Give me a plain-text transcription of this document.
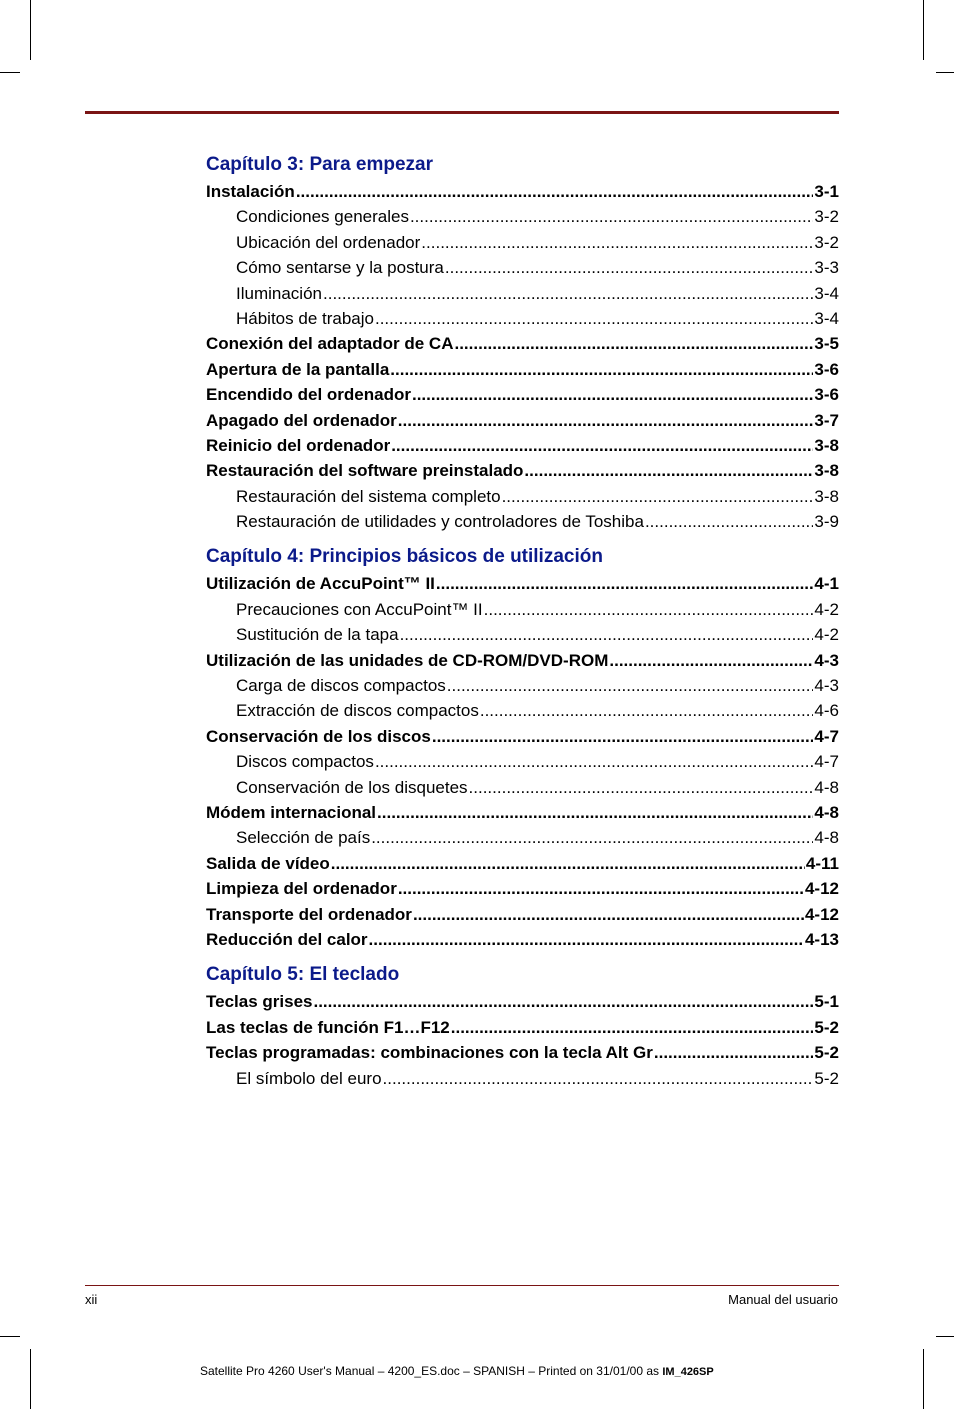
Capítulo 3: Para empezar
Instalación .....	3-1
Condiciones generales .....	3-2
Ubicación del ordenador .....	3-2
Cómo sentarse y la postura .....	3-3
Iluminación .....	3-4
Hábitos de trabajo .....	3-4
Conexión del adaptador de CA .....	3-5
Apertura de la pantalla .....	3-6
Encendido del ordenador .....	3-6
Apagado del ordenador .....	3-7
Reinicio del ordenador .....	3-8
Restauración del software preinstalado .....	3-8
Restauración del sistema completo .....	3-8
Restauración de utilidades y controladores de Toshiba .....	3-9
Capítulo 4: Principios básicos de utilización
Utilización de AccuPoint™ II .....	4-1
Precauciones con AccuPoint™ II .....	4-2
Sustitución de la tapa .....	4-2
Utilización de las unidades de CD-ROM/DVD-ROM .....	4-3
Carga de discos compactos .....	4-3
Extracción de discos compactos .....	4-6
Conservación de los discos .....	4-7
Discos compactos .....	4-7
Conservación de los disquetes .....	4-8
Módem internacional .....	4-8
Selección de país .....	4-8
Salida de vídeo .....	4-11
Limpieza del ordenador .....	4-12
Transporte del ordenador .....	4-12
Reducción del calor .....	4-13
Capítulo 5: El teclado
Teclas grises .....	5-1
Las teclas de función F1…F12 .....	5-2
Teclas programadas: combinaciones con la tecla Alt Gr .....	5-2
El símbolo del euro .....	5-2
xii	Manual del usuario
Satellite Pro 4260 User's Manual – 4200_ES.doc – SPANISH – Printed on 31/01/00 as IM_426SP
